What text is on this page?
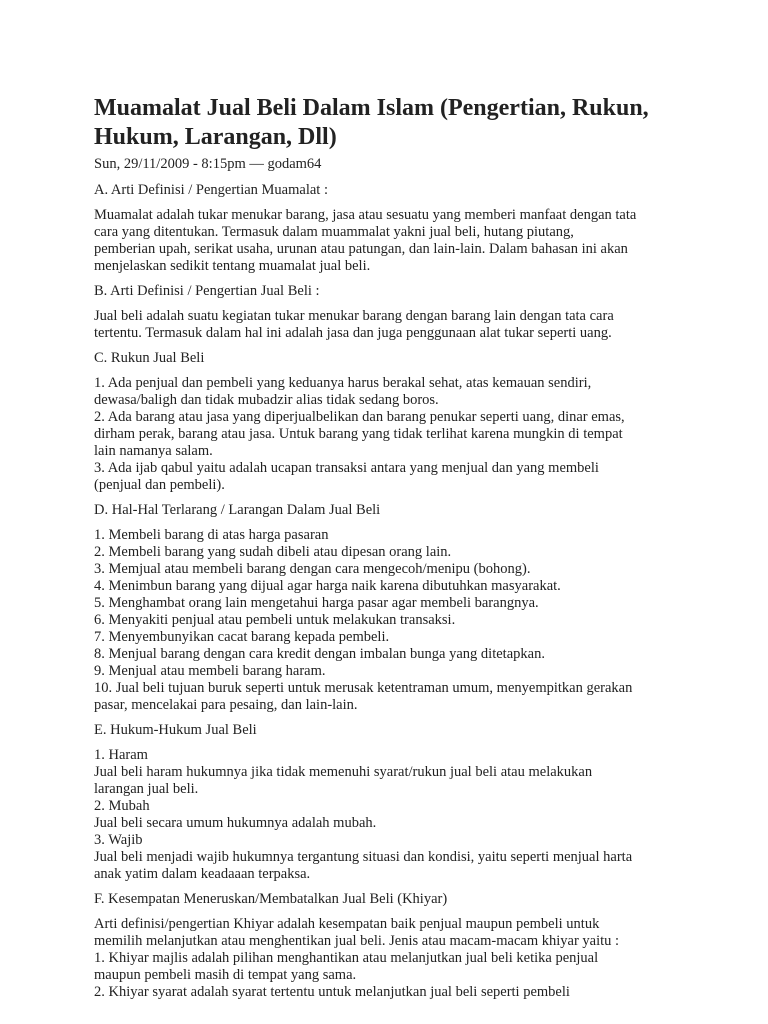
Muamalat Jual Beli Dalam Islam (Pengertian, Rukun,
Hukum, Larangan, Dll)
Sun, 29/11/2009 - 8:15pm — godam64
A. Arti Definisi / Pengertian Muamalat :
Muamalat adalah tukar menukar barang, jasa atau sesuatu yang memberi manfaat dengan tata
cara yang ditentukan. Termasuk dalam muammalat yakni jual beli, hutang piutang,
pemberian upah, serikat usaha, urunan atau patungan, dan lain-lain. Dalam bahasan ini akan
menjelaskan sedikit tentang muamalat jual beli.
B. Arti Definisi / Pengertian Jual Beli :
Jual beli adalah suatu kegiatan tukar menukar barang dengan barang lain dengan tata cara
tertentu. Termasuk dalam hal ini adalah jasa dan juga penggunaan alat tukar seperti uang.
C. Rukun Jual Beli
1. Ada penjual dan pembeli yang keduanya harus berakal sehat, atas kemauan sendiri,
dewasa/baligh dan tidak mubadzir alias tidak sedang boros.
2. Ada barang atau jasa yang diperjualbelikan dan barang penukar seperti uang, dinar emas,
dirham perak, barang atau jasa. Untuk barang yang tidak terlihat karena mungkin di tempat
lain namanya salam.
3. Ada ijab qabul yaitu adalah ucapan transaksi antara yang menjual dan yang membeli
(penjual dan pembeli).
D. Hal-Hal Terlarang / Larangan Dalam Jual Beli
1. Membeli barang di atas harga pasaran
2. Membeli barang yang sudah dibeli atau dipesan orang lain.
3. Memjual atau membeli barang dengan cara mengecoh/menipu (bohong).
4. Menimbun barang yang dijual agar harga naik karena dibutuhkan masyarakat.
5. Menghambat orang lain mengetahui harga pasar agar membeli barangnya.
6. Menyakiti penjual atau pembeli untuk melakukan transaksi.
7. Menyembunyikan cacat barang kepada pembeli.
8. Menjual barang dengan cara kredit dengan imbalan bunga yang ditetapkan.
9. Menjual atau membeli barang haram.
10. Jual beli tujuan buruk seperti untuk merusak ketentraman umum, menyempitkan gerakan
pasar, mencelakai para pesaing, dan lain-lain.
E. Hukum-Hukum Jual Beli
1. Haram
Jual beli haram hukumnya jika tidak memenuhi syarat/rukun jual beli atau melakukan
larangan jual beli.
2. Mubah
Jual beli secara umum hukumnya adalah mubah.
3. Wajib
Jual beli menjadi wajib hukumnya tergantung situasi dan kondisi, yaitu seperti menjual harta
anak yatim dalam keadaaan terpaksa.
F. Kesempatan Meneruskan/Membatalkan Jual Beli (Khiyar)
Arti definisi/pengertian Khiyar adalah kesempatan baik penjual maupun pembeli untuk
memilih melanjutkan atau menghentikan jual beli. Jenis atau macam-macam khiyar yaitu :
1. Khiyar majlis adalah pilihan menghantikan atau melanjutkan jual beli ketika penjual
maupun pembeli masih di tempat yang sama.
2. Khiyar syarat adalah syarat tertentu untuk melanjutkan jual beli seperti pembeli
